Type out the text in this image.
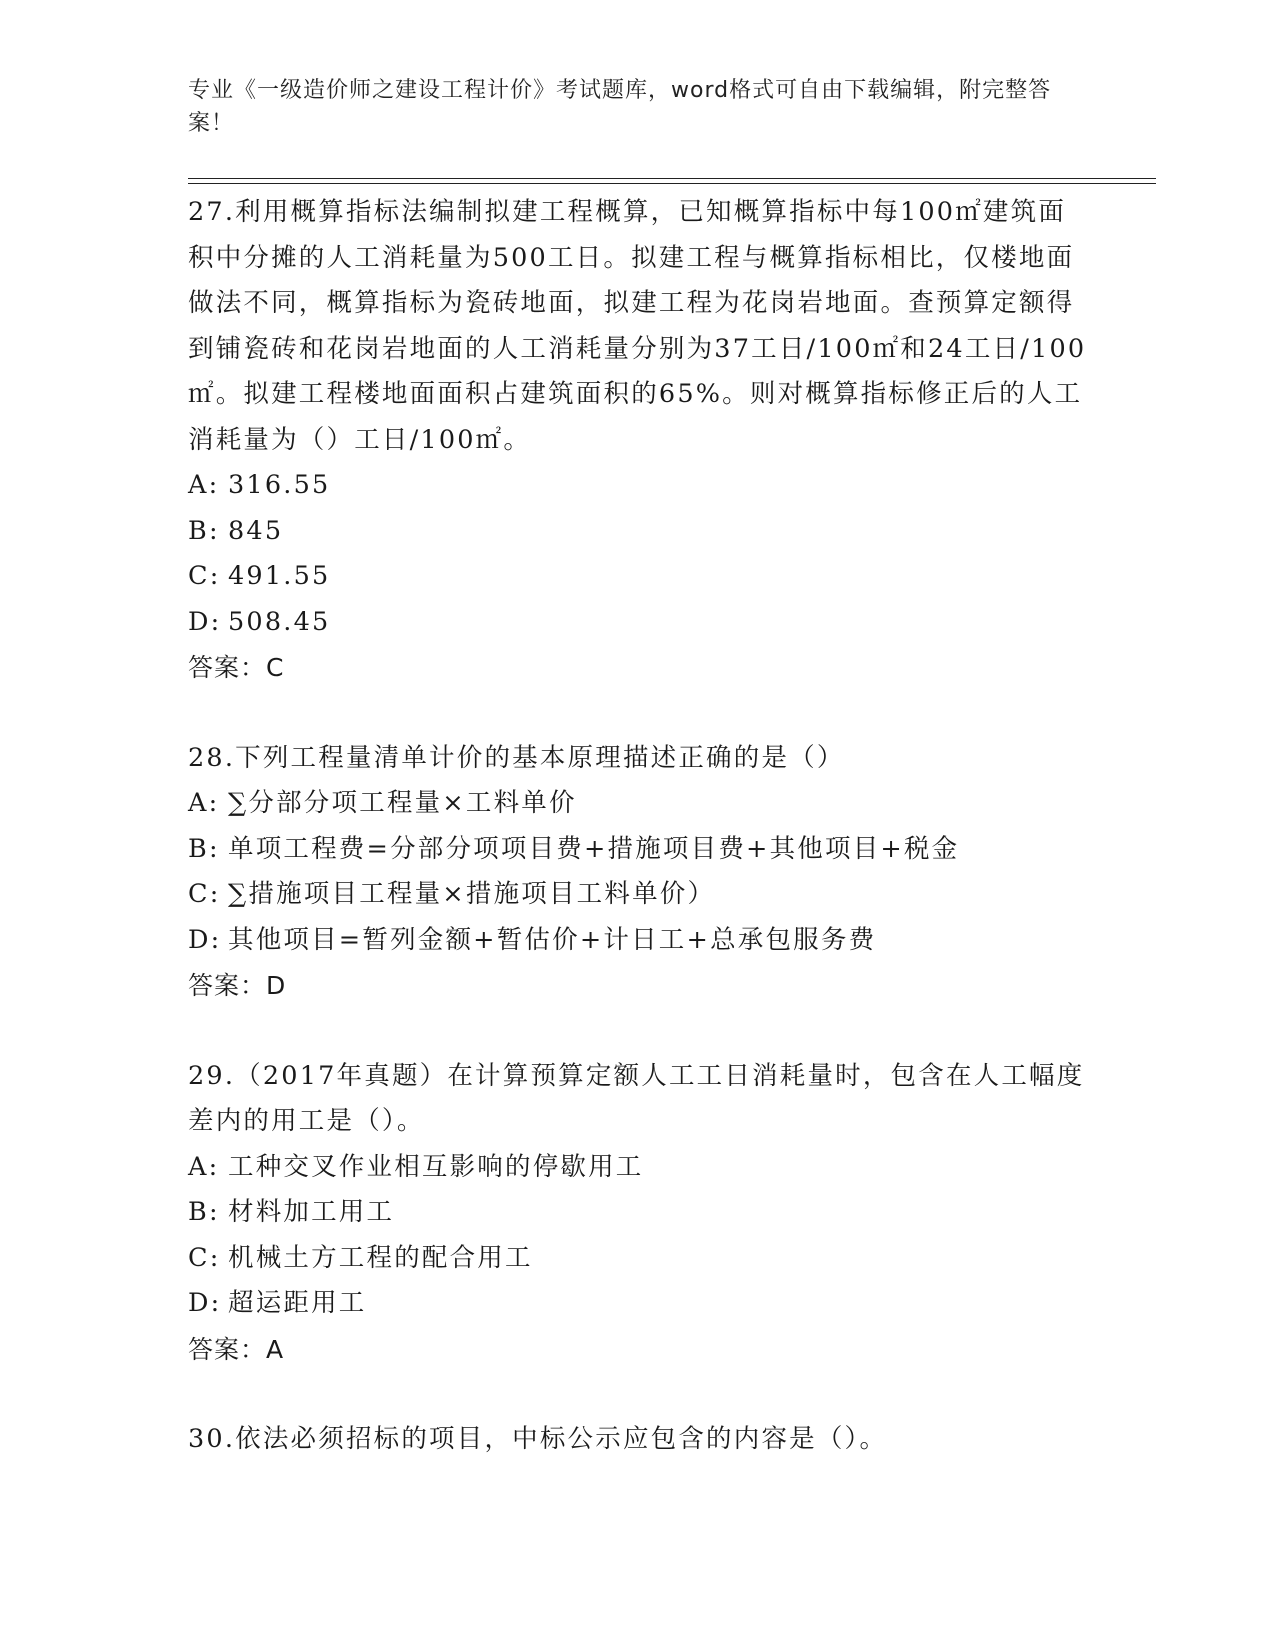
专业《一级造价师之建设工程计价》考试题库，word格式可自由下载编辑，附完整答案！

27.利用概算指标法编制拟建工程概算，已知概算指标中每100㎡建筑面积中分摊的人工消耗量为500工日。拟建工程与概算指标相比，仅楼地面做法不同，概算指标为瓷砖地面，拟建工程为花岗岩地面。查预算定额得到铺瓷砖和花岗岩地面的人工消耗量分别为37工日/100㎡和24工日/100㎡。拟建工程楼地面面积占建筑面积的65%。则对概算指标修正后的人工消耗量为（）工日/100㎡。

A: 316.55

B: 845

C: 491.55

D: 508.45

答案：C

28.下列工程量清单计价的基本原理描述正确的是（）

A: ∑分部分项工程量×工料单价

B: 单项工程费=分部分项项目费+措施项目费+其他项目+税金

C: ∑措施项目工程量×措施项目工料单价）

D: 其他项目=暂列金额+暂估价+计日工+总承包服务费

答案：D

29.（2017年真题）在计算预算定额人工工日消耗量时，包含在人工幅度差内的用工是（）。

A: 工种交叉作业相互影响的停歇用工

B: 材料加工用工

C: 机械土方工程的配合用工

D: 超运距用工

答案：A

30.依法必须招标的项目，中标公示应包含的内容是（）。
